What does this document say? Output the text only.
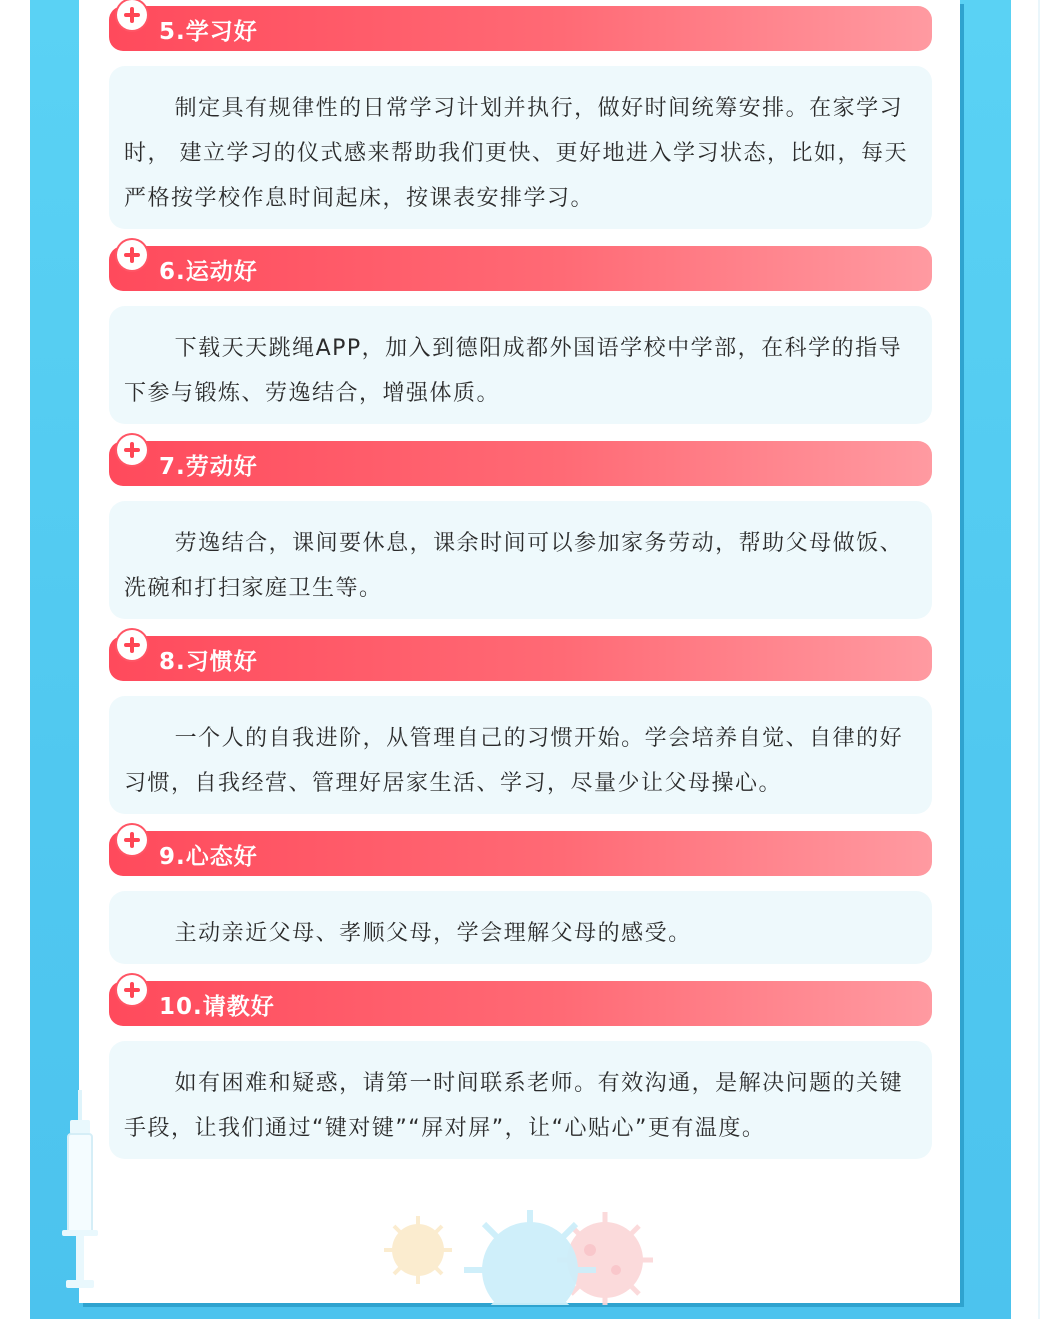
5.学习好

制定具有规律性的日常学习计划并执行，做好时间统筹安排。在家学习时， 建立学习的仪式感来帮助我们更快、更好地进入学习状态，比如，每天严格按学校作息时间起床，按课表安排学习。

6.运动好

下载天天跳绳APP，加入到德阳成都外国语学校中学部，在科学的指导下参与锻炼、劳逸结合，增强体质。

7.劳动好

劳逸结合，课间要休息，课余时间可以参加家务劳动，帮助父母做饭、洗碗和打扫家庭卫生等。

8.习惯好

一个人的自我进阶，从管理自己的习惯开始。学会培养自觉、自律的好习惯，自我经营、管理好居家生活、学习，尽量少让父母操心。

9.心态好

主动亲近父母、孝顺父母，学会理解父母的感受。

10.请教好

如有困难和疑惑，请第一时间联系老师。有效沟通，是解决问题的关键手段，让我们通过“键对键”“屏对屏”，让“心贴心”更有温度。
